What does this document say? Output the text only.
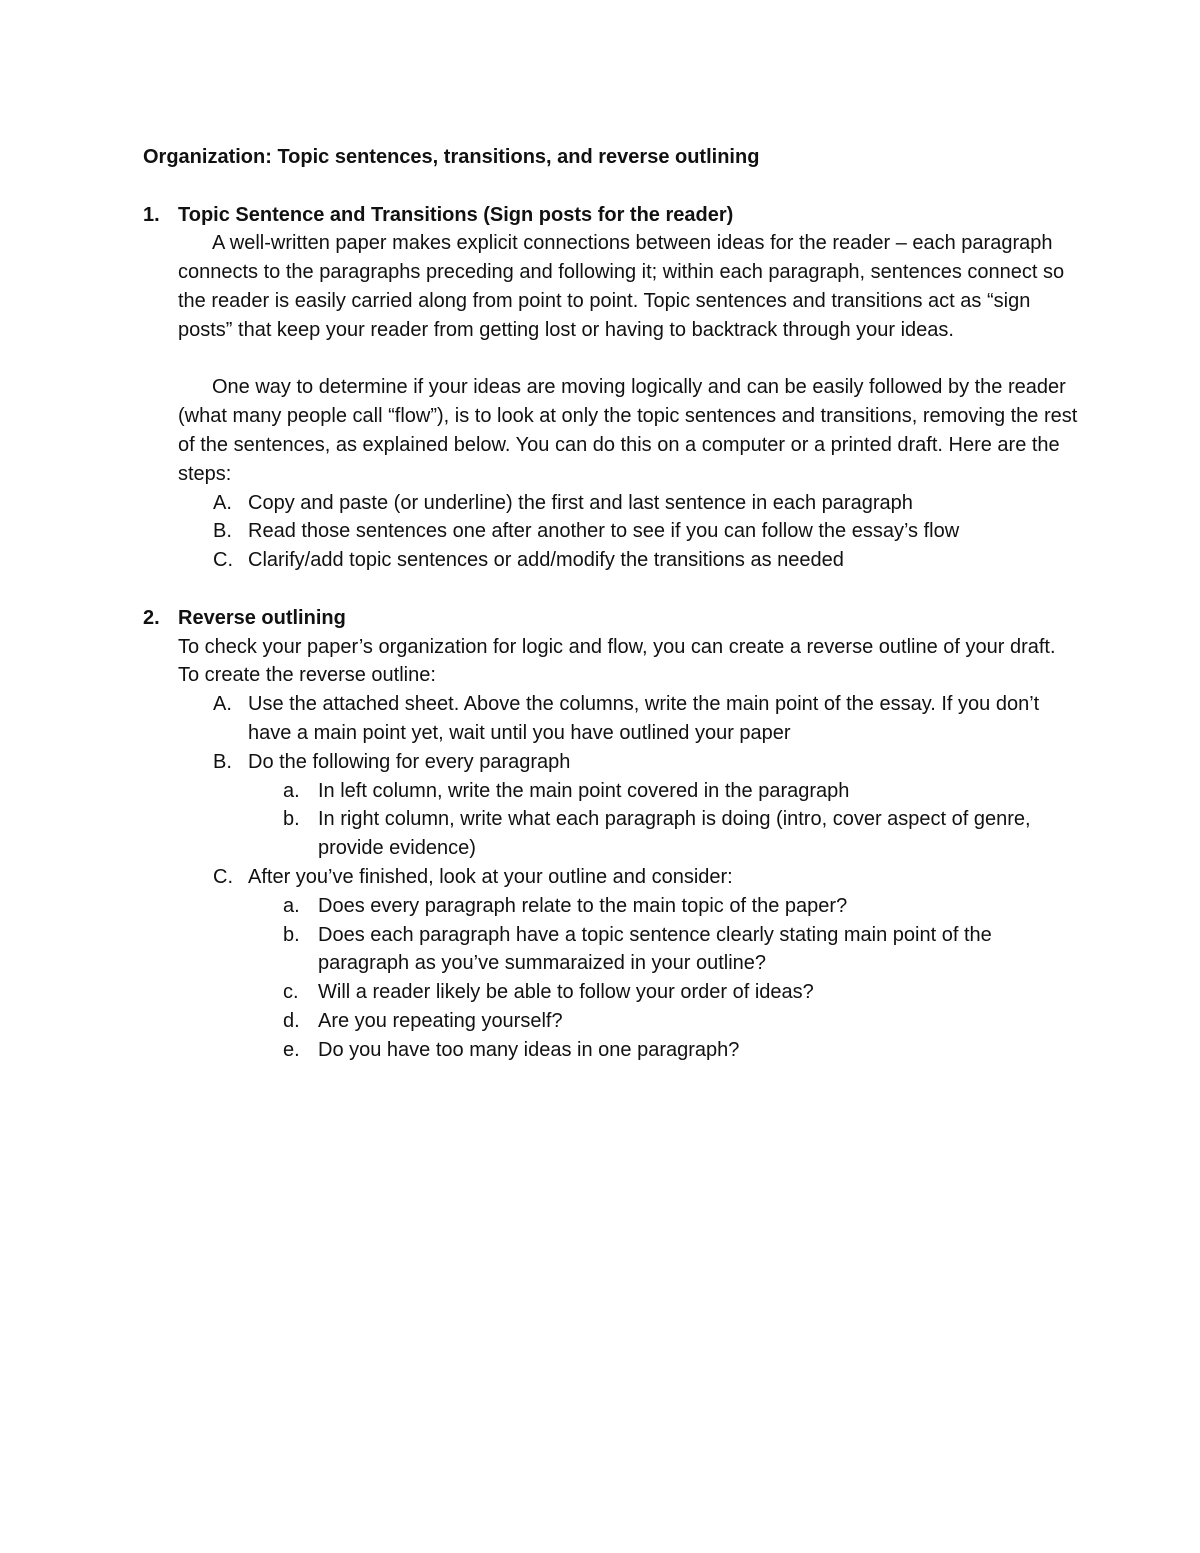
Organization: Topic sentences, transitions, and reverse outlining
1. Topic Sentence and Transitions (Sign posts for the reader)

A well-written paper makes explicit connections between ideas for the reader – each paragraph connects to the paragraphs preceding and following it; within each paragraph, sentences connect so the reader is easily carried along from point to point. Topic sentences and transitions act as “sign posts” that keep your reader from getting lost or having to backtrack through your ideas.

One way to determine if your ideas are moving logically and can be easily followed by the reader (what many people call “flow”), is to look at only the topic sentences and transitions, removing the rest of the sentences, as explained below. You can do this on a computer or a printed draft. Here are the steps:

A. Copy and paste (or underline) the first and last sentence in each paragraph
B. Read those sentences one after another to see if you can follow the essay’s flow
C. Clarify/add topic sentences or add/modify the transitions as needed
2. Reverse outlining

To check your paper’s organization for logic and flow, you can create a reverse outline of your draft. To create the reverse outline:

A. Use the attached sheet. Above the columns, write the main point of the essay. If you don’t have a main point yet, wait until you have outlined your paper
B. Do the following for every paragraph
a. In left column, write the main point covered in the paragraph
b. In right column, write what each paragraph is doing (intro, cover aspect of genre, provide evidence)
C. After you’ve finished, look at your outline and consider:
a. Does every paragraph relate to the main topic of the paper?
b. Does each paragraph have a topic sentence clearly stating main point of the paragraph as you’ve summaraized in your outline?
c. Will a reader likely be able to follow your order of ideas?
d. Are you repeating yourself?
e. Do you have too many ideas in one paragraph?
